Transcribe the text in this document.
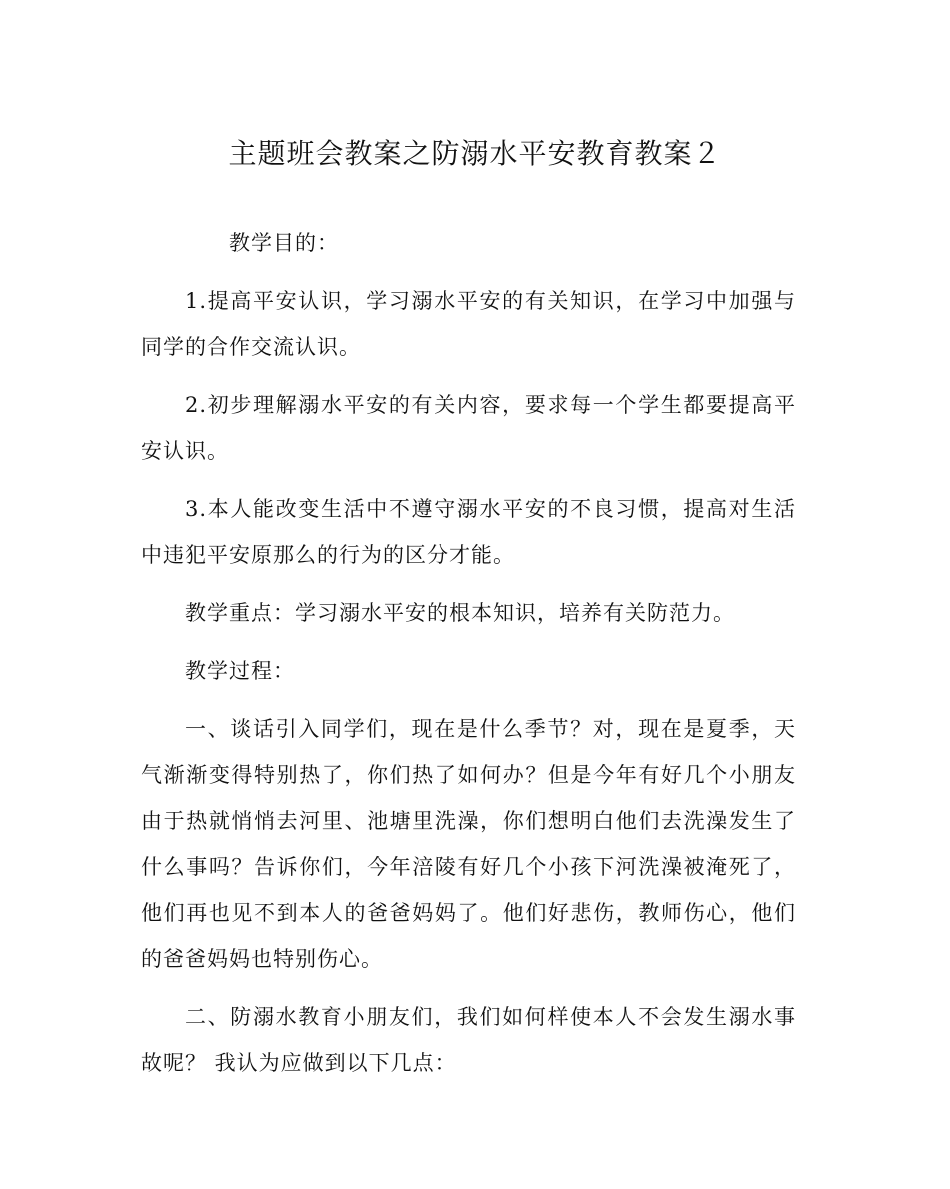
主题班会教案之防溺水平安教育教案２

教学目的：

1.提高平安认识，学习溺水平安的有关知识，在学习中加强与同学的合作交流认识。

2.初步理解溺水平安的有关内容，要求每一个学生都要提高平安认识。

3.本人能改变生活中不遵守溺水平安的不良习惯，提高对生活中违犯平安原那么的行为的区分才能。

教学重点：学习溺水平安的根本知识，培养有关防范力。

教学过程：

一、谈话引入同学们，现在是什么季节？对，现在是夏季，天气渐渐变得特别热了，你们热了如何办？但是今年有好几个小朋友由于热就悄悄去河里、池塘里洗澡，你们想明白他们去洗澡发生了什么事吗？告诉你们，今年涪陵有好几个小孩下河洗澡被淹死了，他们再也见不到本人的爸爸妈妈了。他们好悲伤，教师伤心，他们的爸爸妈妈也特别伤心。

二、防溺水教育小朋友们，我们如何样使本人不会发生溺水事故呢？ 我认为应做到以下几点：
